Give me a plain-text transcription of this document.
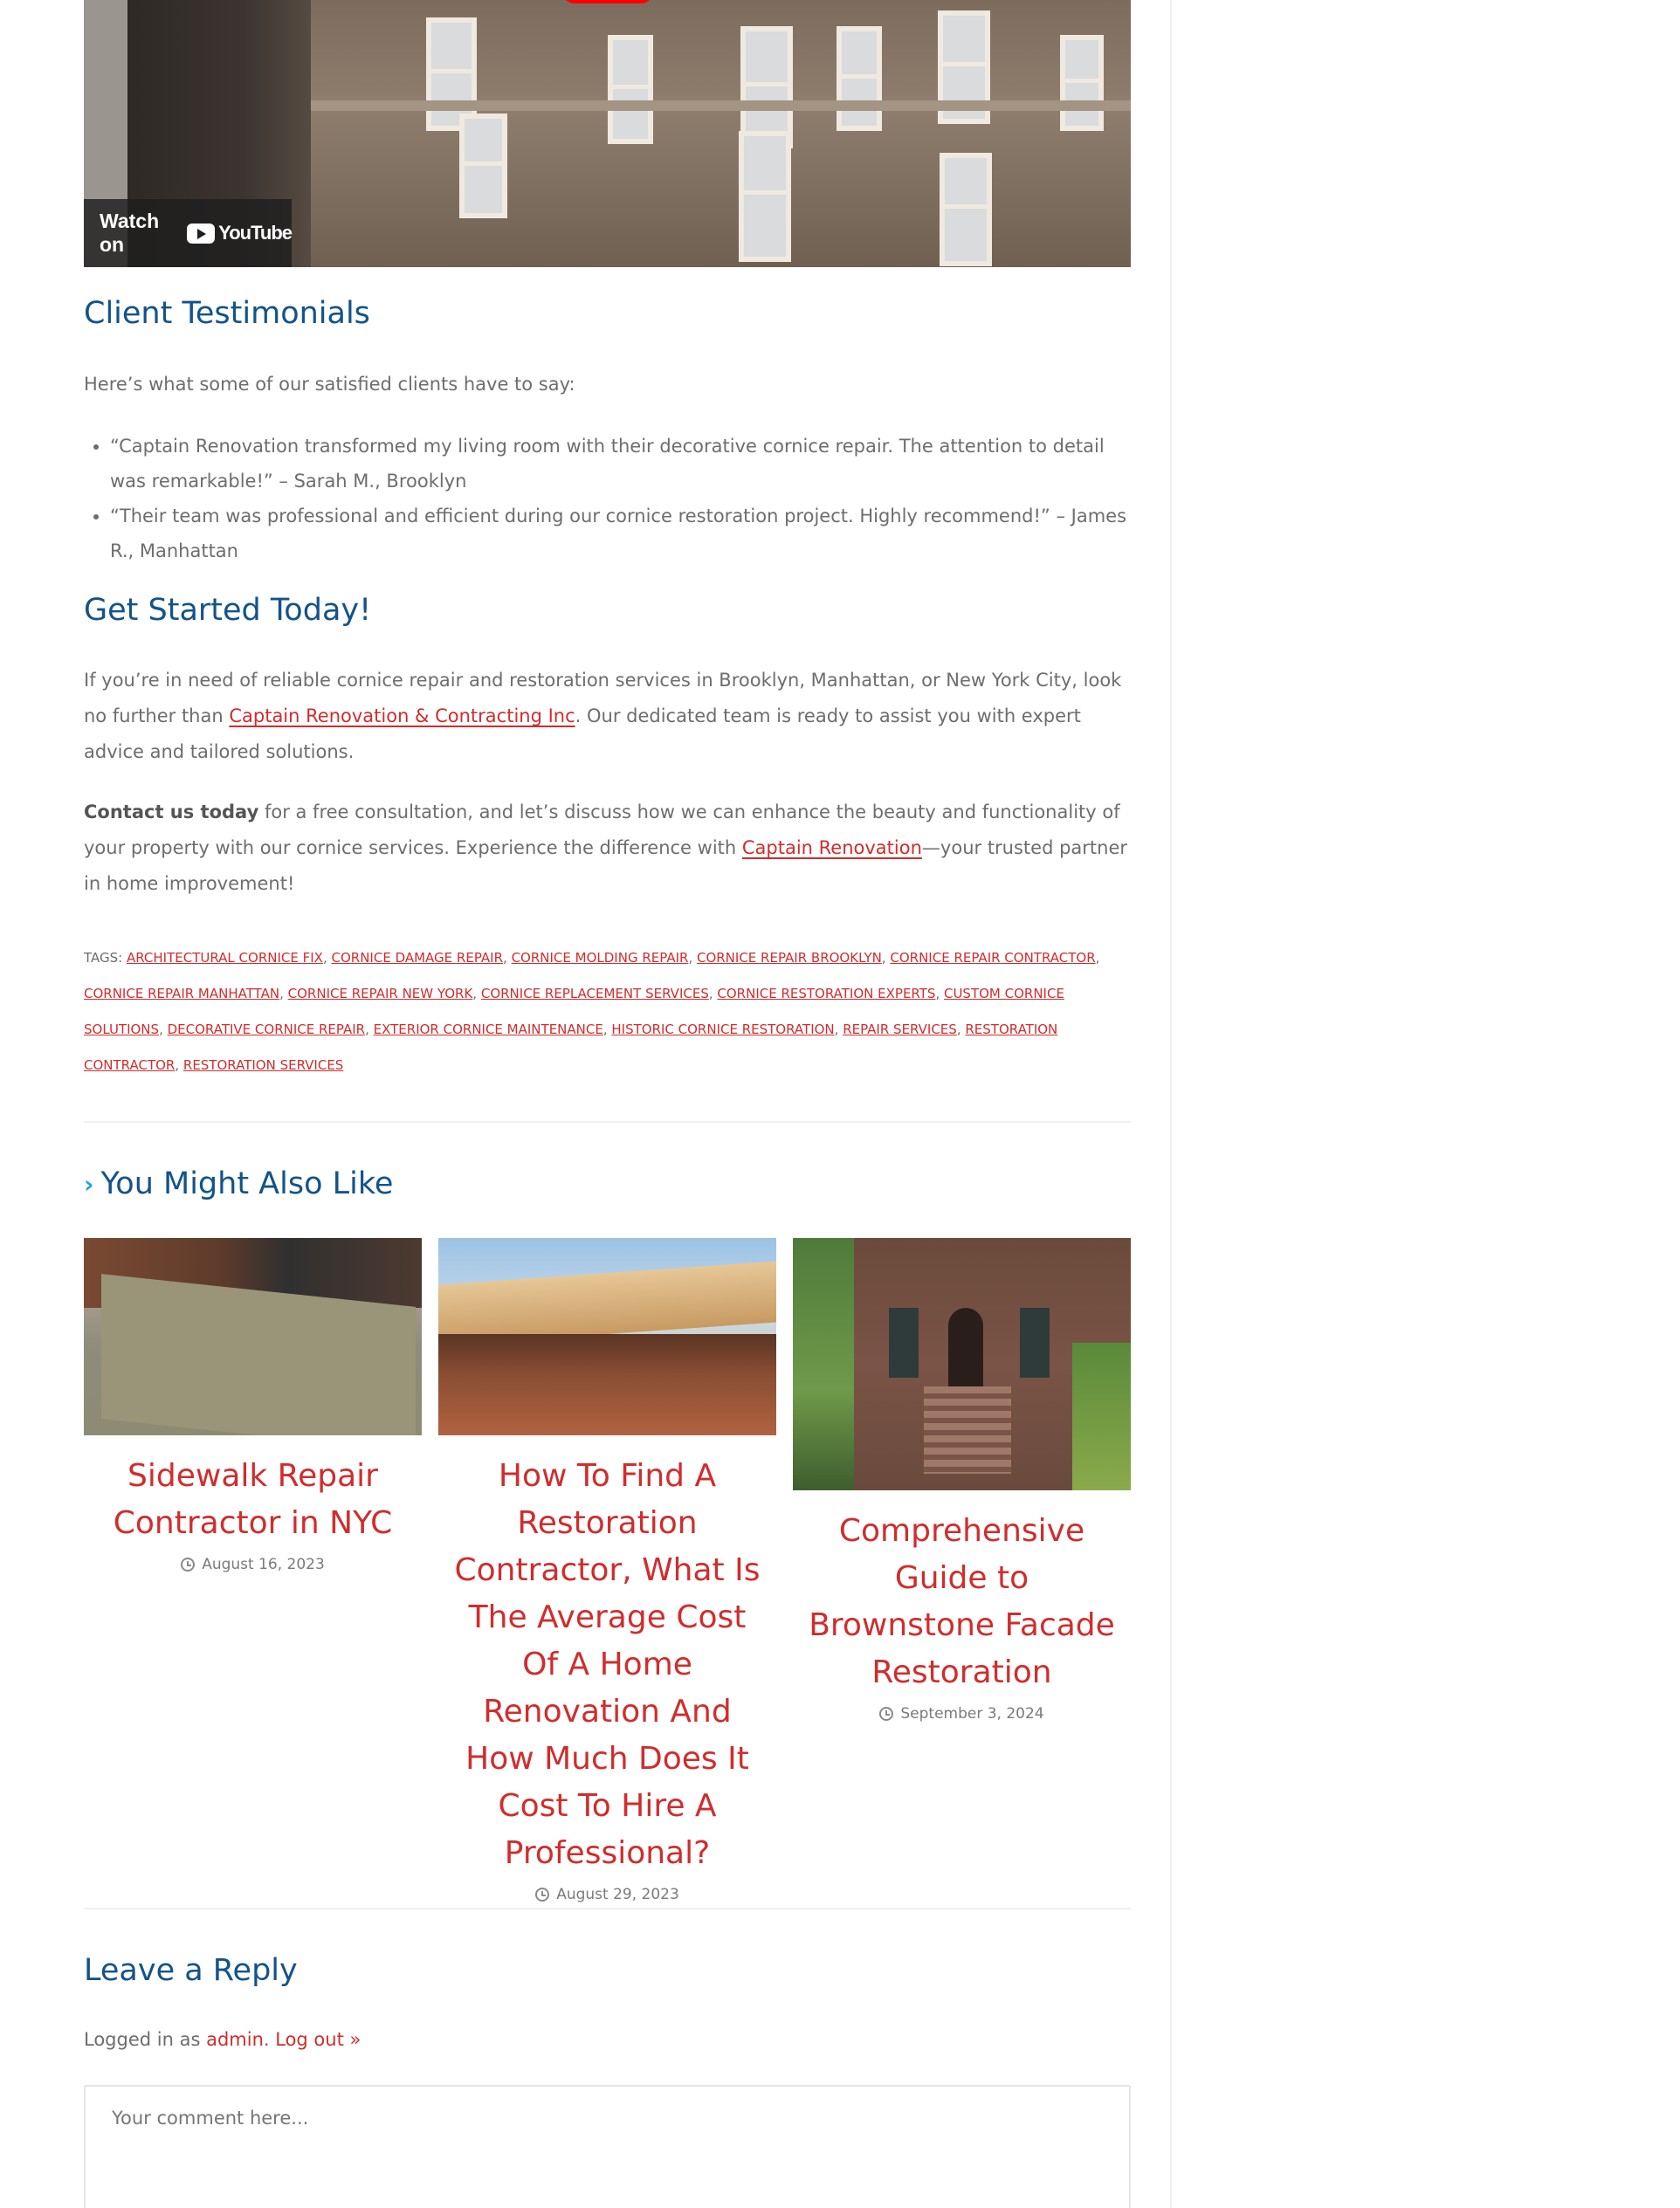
Watch on
YouTube
Client Testimonials

Here’s what some of our satisfied clients have to say:

• “Captain Renovation transformed my living room with their decorative cornice repair. The attention to detail was remarkable!” – Sarah M., Brooklyn
• “Their team was professional and efficient during our cornice restoration project. Highly recommend!” – James R., Manhattan
Get Started Today!

If you’re in need of reliable cornice repair and restoration services in Brooklyn, Manhattan, or New York City, look no further than Captain Renovation & Contracting Inc. Our dedicated team is ready to assist you with expert advice and tailored solutions.

Contact us today for a free consultation, and let’s discuss how we can enhance the beauty and functionality of your property with our cornice services. Experience the difference with Captain Renovation—your trusted partner in home improvement!

TAGS: ARCHITECTURAL CORNICE FIX, CORNICE DAMAGE REPAIR, CORNICE MOLDING REPAIR, CORNICE REPAIR BROOKLYN, CORNICE REPAIR CONTRACTOR, CORNICE REPAIR MANHATTAN, CORNICE REPAIR NEW YORK, CORNICE REPLACEMENT SERVICES, CORNICE RESTORATION EXPERTS, CUSTOM CORNICE SOLUTIONS, DECORATIVE CORNICE REPAIR, EXTERIOR CORNICE MAINTENANCE, HISTORIC CORNICE RESTORATION, REPAIR SERVICES, RESTORATION CONTRACTOR, RESTORATION SERVICES
› You Might Also Like
Sidewalk Repair Contractor in NYC
August 16, 2023
How To Find A Restoration Contractor, What Is The Average Cost Of A Home Renovation And How Much Does It Cost To Hire A Professional?
August 29, 2023
Comprehensive Guide to Brownstone Facade Restoration
September 3, 2024
Leave a Reply

Logged in as admin. Log out »

Your comment here...
